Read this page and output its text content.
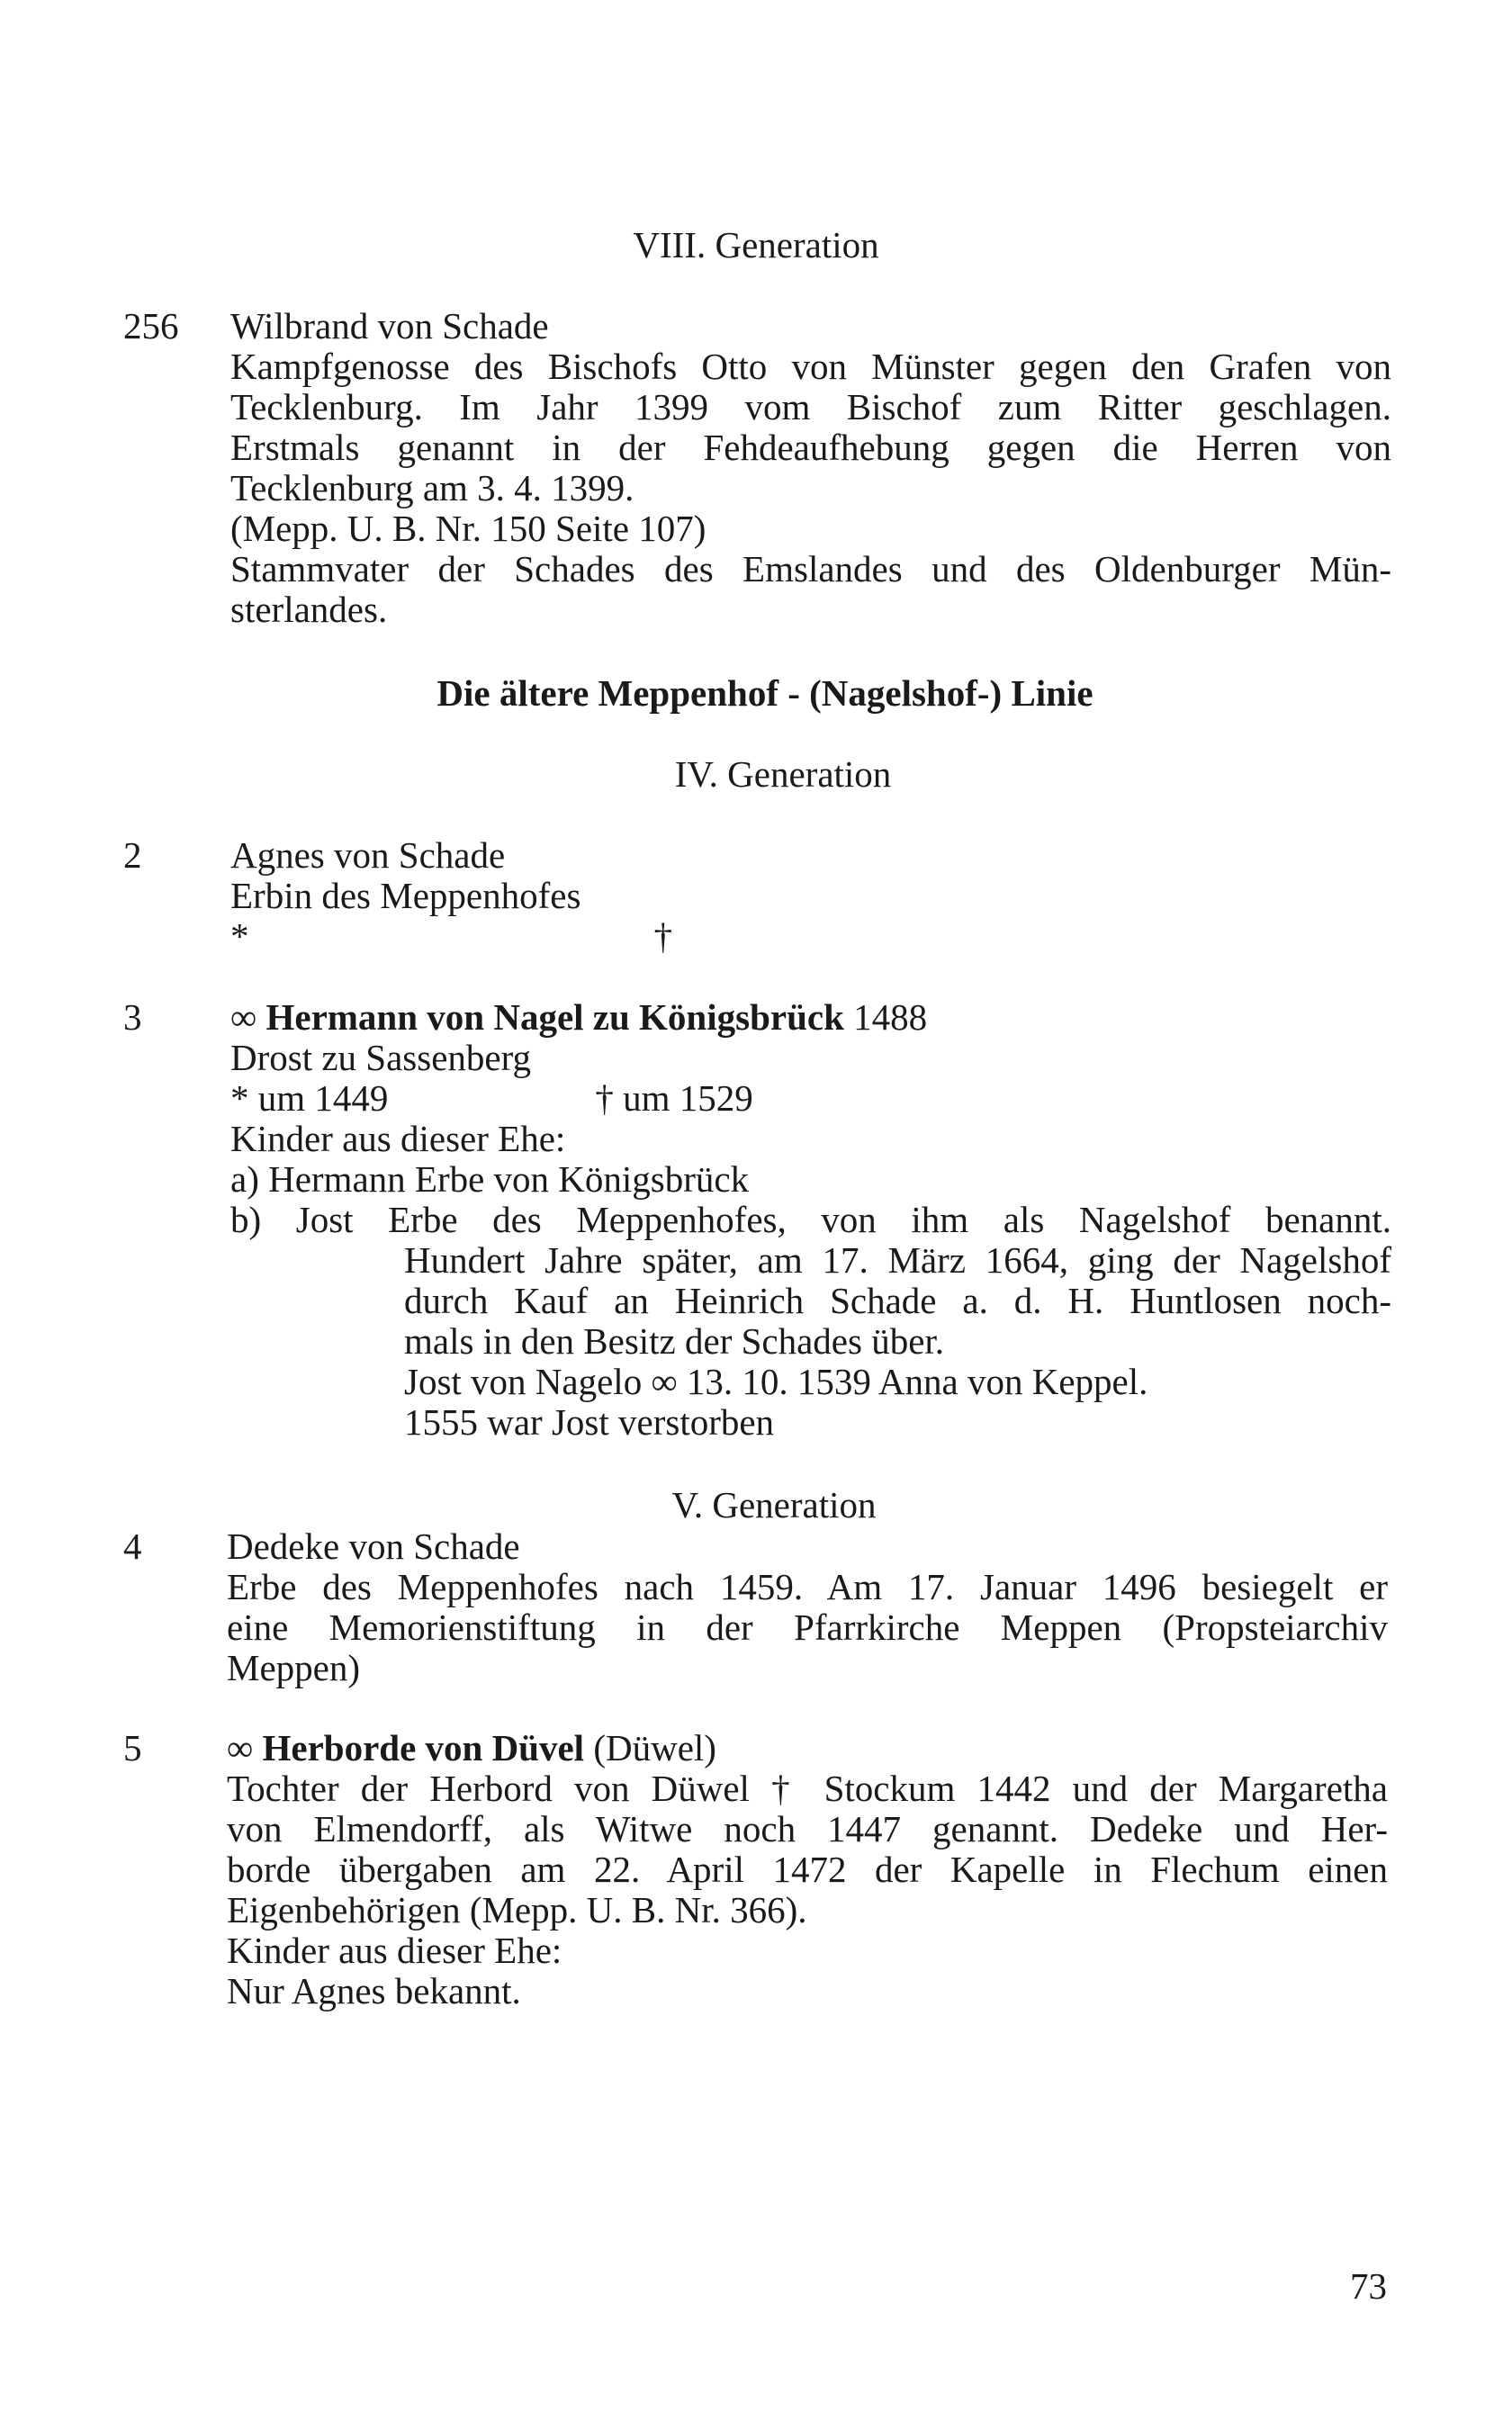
VIII. Generation
256 Wilbrand von Schade
Kampfgenosse des Bischofs Otto von Münster gegen den Grafen von
Tecklenburg. Im Jahr 1399 vom Bischof zum Ritter geschlagen.
Erstmals genannt in der Fehdeaufhebung gegen die Herren von
Tecklenburg am 3. 4. 1399.
(Mepp. U. B. Nr. 150 Seite 107)
Stammvater der Schades des Emslandes und des Oldenburger Mün-
sterlandes.
Die ältere Meppenhof - (Nagelshof-) Linie
IV. Generation
2 Agnes von Schade
Erbin des Meppenhofes
*	†
3 ∞ Hermann von Nagel zu Königsbrück 1488
Drost zu Sassenberg
* um 1449	† um 1529
Kinder aus dieser Ehe:
a) Hermann Erbe von Königsbrück
b) Jost Erbe des Meppenhofes, von ihm als Nagelshof benannt.
Hundert Jahre später, am 17. März 1664, ging der Nagelshof
durch Kauf an Heinrich Schade a. d. H. Huntlosen noch-
mals in den Besitz der Schades über.
Jost von Nagelo ∞ 13. 10. 1539 Anna von Keppel.
1555 war Jost verstorben
V. Generation
4 Dedeke von Schade
Erbe des Meppenhofes nach 1459. Am 17. Januar 1496 besiegelt er
eine Memorienstiftung in der Pfarrkirche Meppen (Propsteiarchiv
Meppen)
5 ∞ Herborde von Düvel (Düwel)
Tochter der Herbord von Düwel † Stockum 1442 und der Margaretha
von Elmendorff, als Witwe noch 1447 genannt. Dedeke und Her-
borde übergaben am 22. April 1472 der Kapelle in Flechum einen
Eigenbehörigen (Mepp. U. B. Nr. 366).
Kinder aus dieser Ehe:
Nur Agnes bekannt.
73
